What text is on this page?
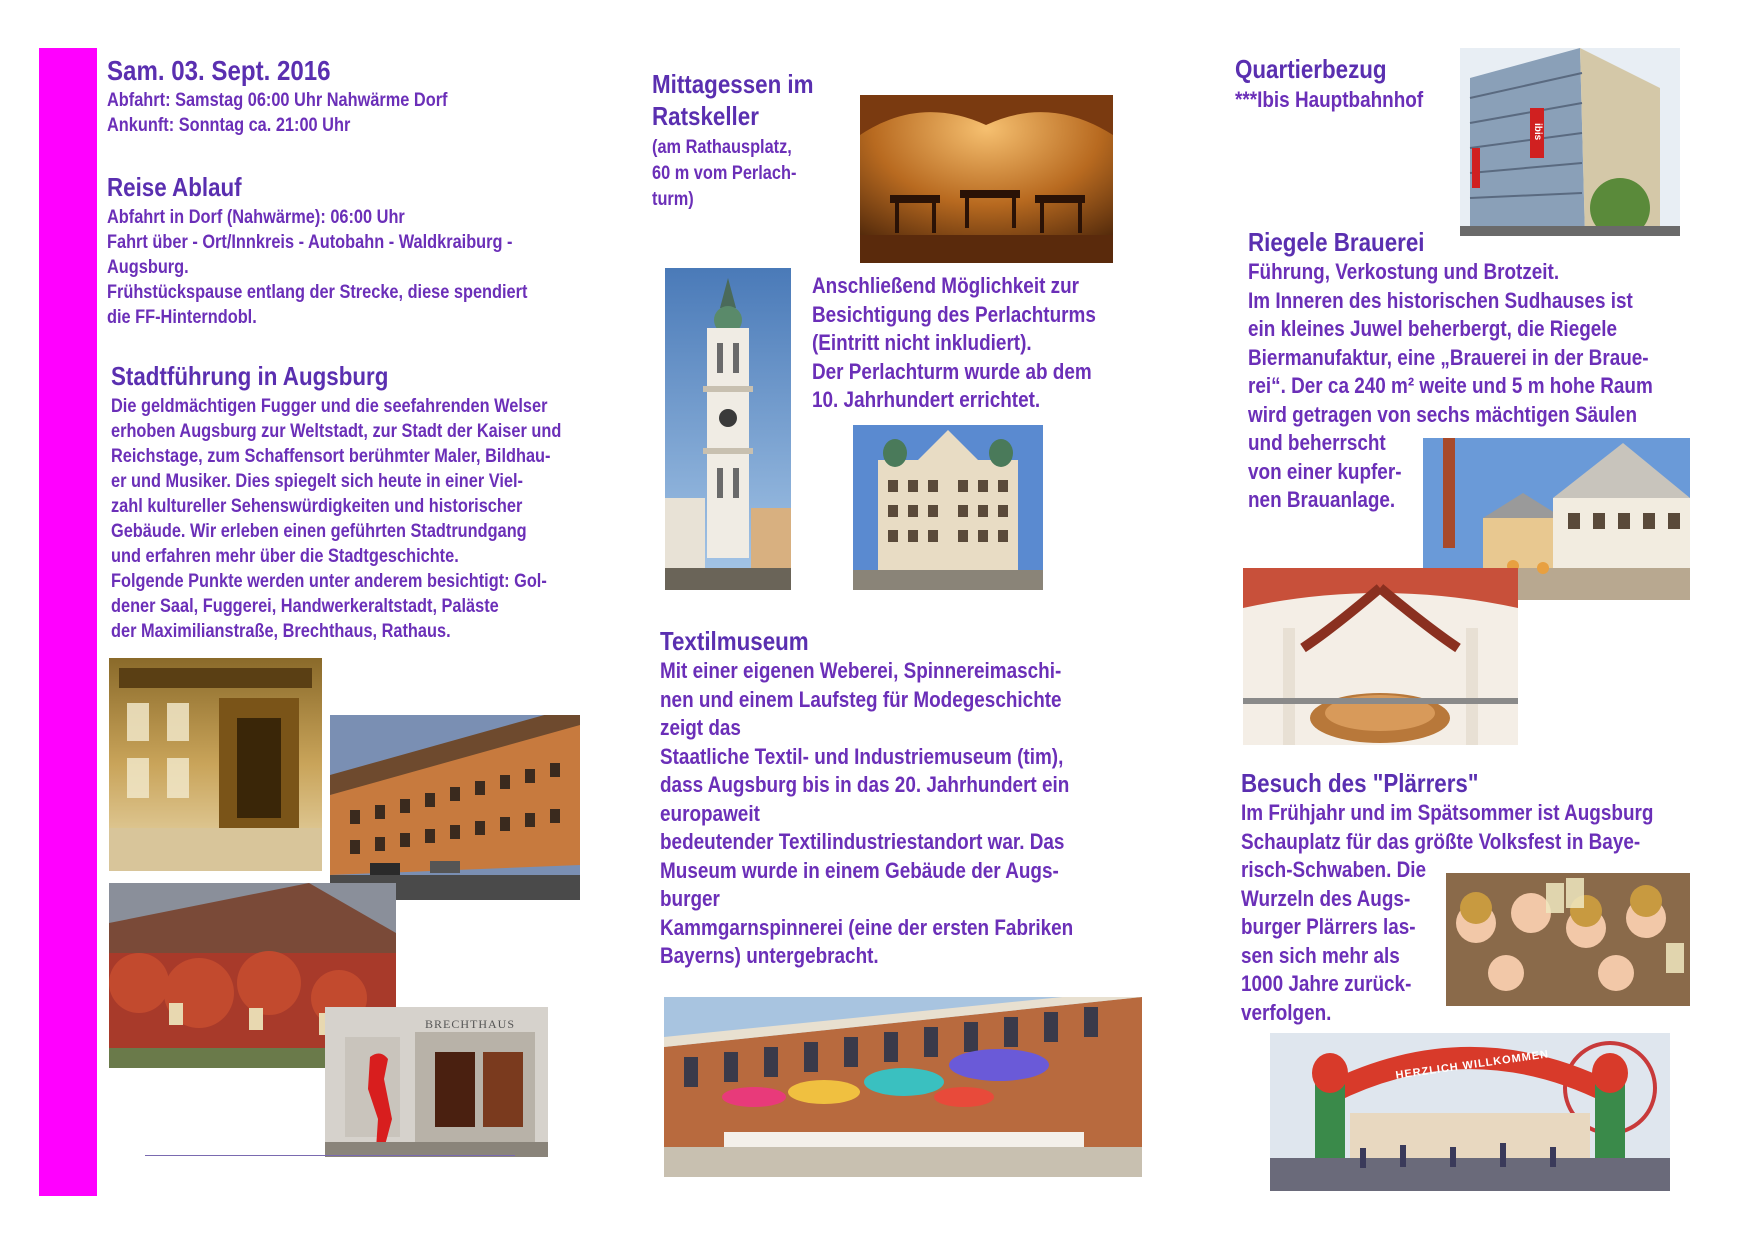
Sam. 03. Sept. 2016
Abfahrt: Samstag 06:00 Uhr Nahwärme Dorf
Ankunft: Sonntag ca. 21:00 Uhr
Reise Ablauf
Abfahrt in Dorf (Nahwärme): 06:00 Uhr
Fahrt über - Ort/Innkreis - Autobahn - Waldkraiburg -
Augsburg.
Frühstückspause entlang der Strecke, diese spendiert
die FF-Hinterndobl.
Stadtführung in Augsburg
Die geldmächtigen Fugger und die seefahrenden Welser
erhoben Augsburg zur Weltstadt, zur Stadt der Kaiser und
Reichstage, zum Schaffensort berühmter Maler, Bildhau-
er und Musiker. Dies spiegelt sich heute in einer Viel-
zahl kultureller Sehenswürdigkeiten und historischer
Gebäude. Wir erleben einen geführten Stadtrundgang
und erfahren mehr über die Stadtgeschichte.
Folgende Punkte werden unter anderem besichtigt: Gol-
dener Saal, Fuggerei, Handwerkeraltstadt, Paläste
der Maximilianstraße, Brechthaus, Rathaus.
BRECHTHAUS
Mittagessen im
Ratskeller
(am Rathausplatz,
60 m vom Perlach-
turm)
Anschließend Möglichkeit zur
Besichtigung des Perlachturms
(Eintritt nicht inkludiert).
Der Perlachturm wurde ab dem
10. Jahrhundert errichtet.
Textilmuseum
Mit einer eigenen Weberei, Spinnereimaschi-
nen und einem Laufsteg für Modegeschichte
zeigt das
Staatliche Textil- und Industriemuseum (tim),
dass Augsburg bis in das 20. Jahrhundert ein
europaweit
bedeutender Textilindustriestandort war. Das
Museum wurde in einem Gebäude der Augs-
burger
Kammgarnspinnerei (eine der ersten Fabriken
Bayerns) untergebracht.
Quartierbezug
***Ibis Hauptbahnhof
ibis
Riegele Brauerei
Führung, Verkostung und Brotzeit.
Im Inneren des historischen Sudhauses ist
ein kleines Juwel beherbergt, die Riegele
Biermanufaktur, eine „Brauerei in der Braue-
rei“. Der ca 240 m² weite und 5 m hohe Raum
wird getragen von sechs mächtigen Säulen
und beherrscht
von einer kupfer-
nen Brauanlage.
Besuch des "Plärrers"
Im Frühjahr und im Spätsommer ist Augsburg
Schauplatz für das größte Volksfest in Baye-
risch-Schwaben. Die
Wurzeln des Augs-
burger Plärrers las-
sen sich mehr als
1000 Jahre zurück-
verfolgen.
HERZLICH WILLKOMMEN
